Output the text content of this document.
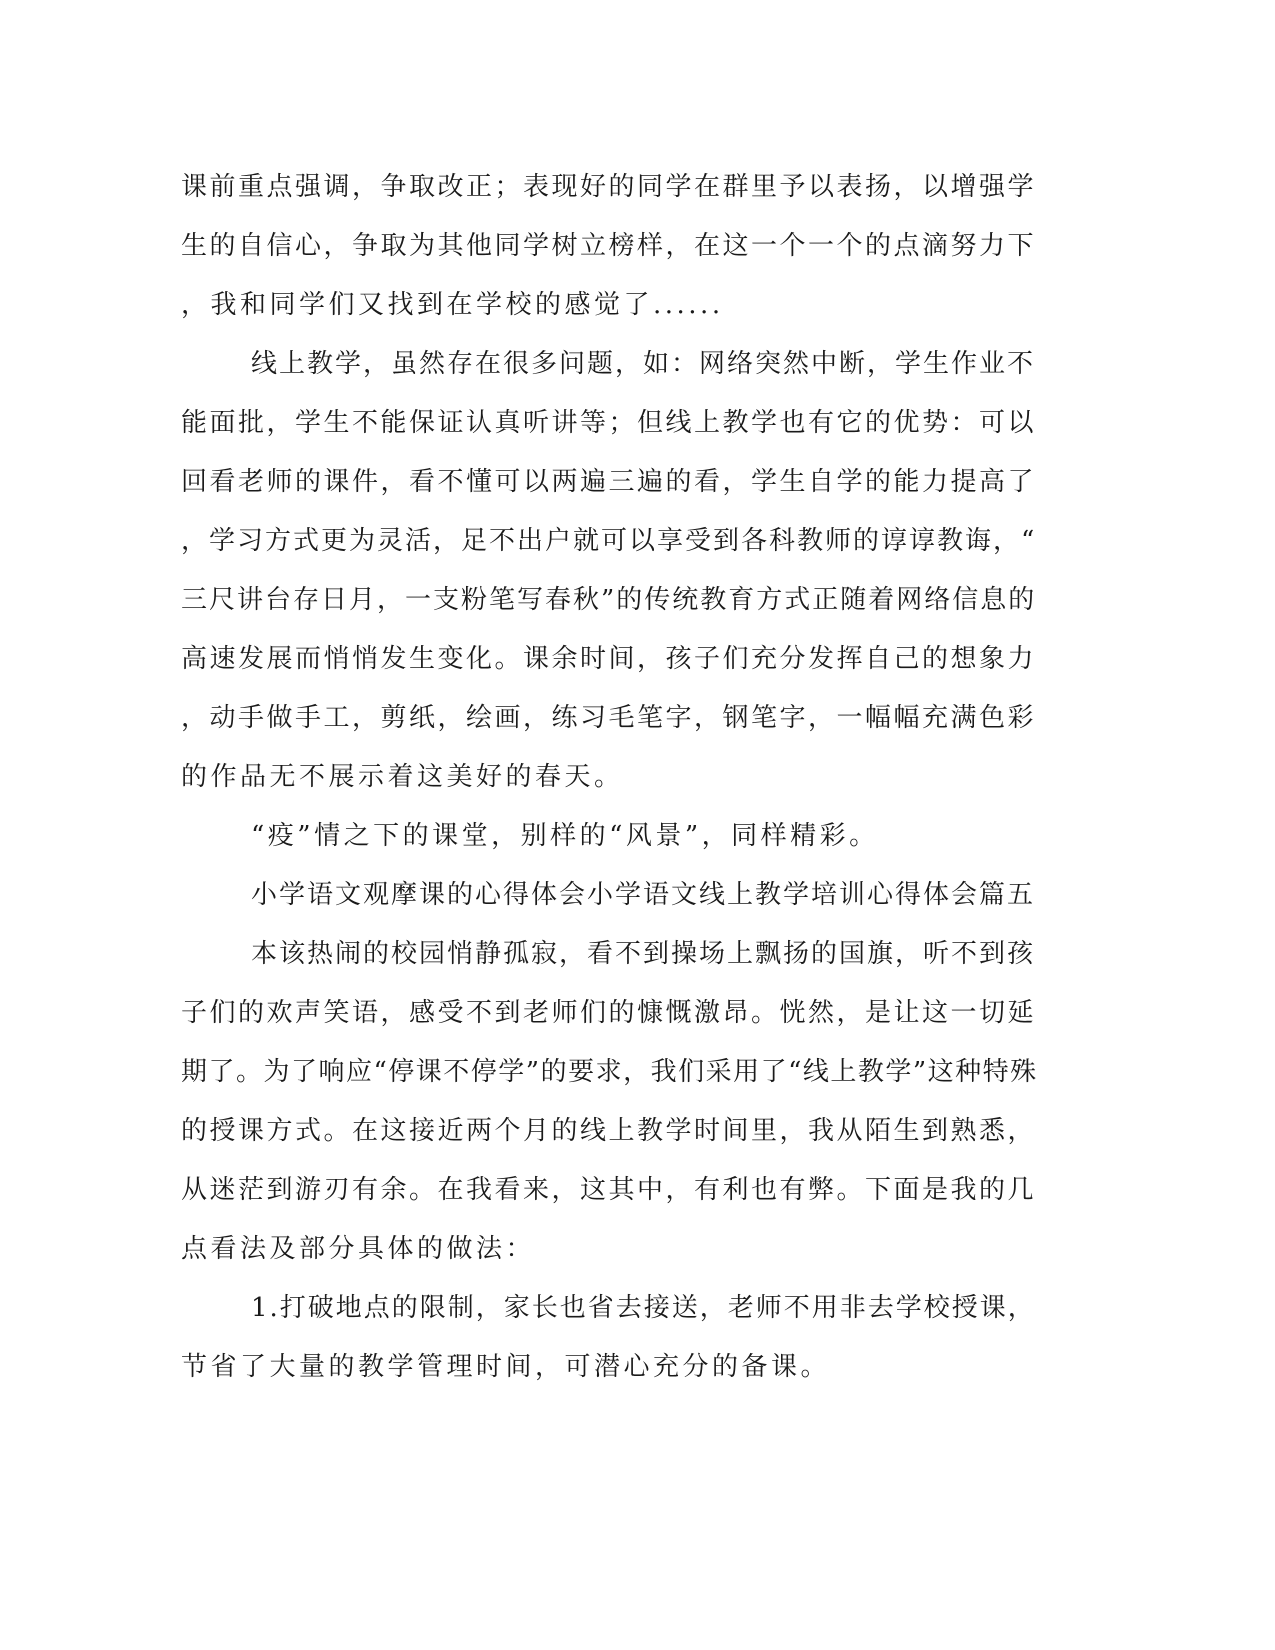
课前重点强调，争取改正；表现好的同学在群里予以表扬，以增强学
生的自信心，争取为其他同学树立榜样，在这一个一个的点滴努力下
，我和同学们又找到在学校的感觉了......
线上教学，虽然存在很多问题，如：网络突然中断，学生作业不
能面批，学生不能保证认真听讲等；但线上教学也有它的优势：可以
回看老师的课件，看不懂可以两遍三遍的看，学生自学的能力提高了
，学习方式更为灵活，足不出户就可以享受到各科教师的谆谆教诲，“
三尺讲台存日月，一支粉笔写春秋”的传统教育方式正随着网络信息的
高速发展而悄悄发生变化。课余时间，孩子们充分发挥自己的想象力
，动手做手工，剪纸，绘画，练习毛笔字，钢笔字，一幅幅充满色彩
的作品无不展示着这美好的春天。
“疫”情之下的课堂，别样的“风景”，同样精彩。
小学语文观摩课的心得体会小学语文线上教学培训心得体会篇五
本该热闹的校园悄静孤寂，看不到操场上飘扬的国旗，听不到孩
子们的欢声笑语，感受不到老师们的慷慨激昂。恍然，是让这一切延
期了。为了响应“停课不停学”的要求，我们采用了“线上教学”这种特殊
的授课方式。在这接近两个月的线上教学时间里，我从陌生到熟悉，
从迷茫到游刃有余。在我看来，这其中，有利也有弊。下面是我的几
点看法及部分具体的做法：
1.打破地点的限制，家长也省去接送，老师不用非去学校授课，
节省了大量的教学管理时间，可潜心充分的备课。
